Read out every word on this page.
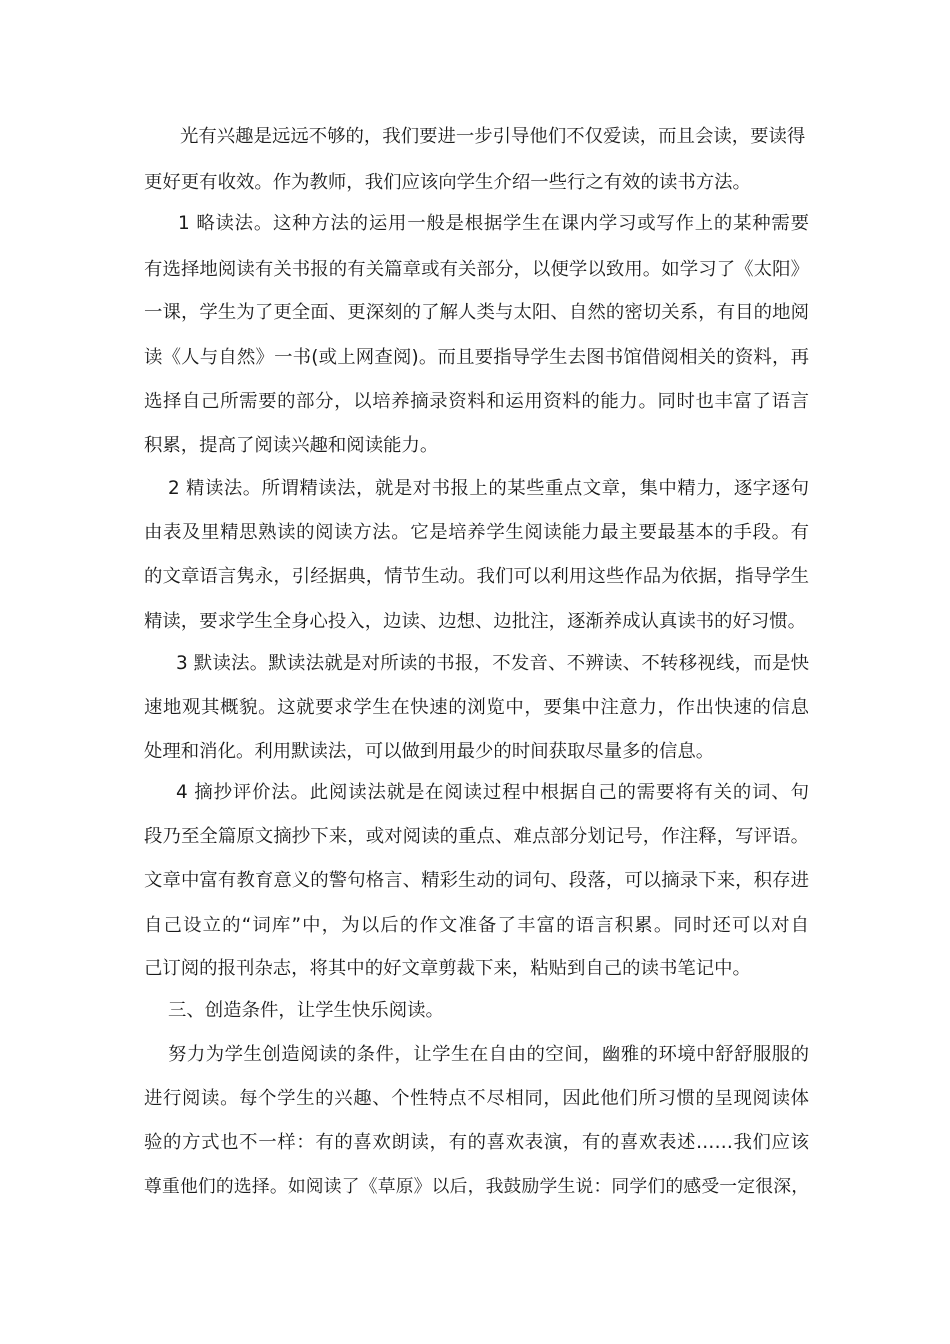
光有兴趣是远远不够的，我们要进一步引导他们不仅爱读，而且会读，要读得
更好更有收效。作为教师，我们应该向学生介绍一些行之有效的读书方法。
1 略读法。这种方法的运用一般是根据学生在课内学习或写作上的某种需要
有选择地阅读有关书报的有关篇章或有关部分，以便学以致用。如学习了《太阳》
一课，学生为了更全面、更深刻的了解人类与太阳、自然的密切关系，有目的地阅
读《人与自然》一书(或上网查阅)。而且要指导学生去图书馆借阅相关的资料，再
选择自己所需要的部分，以培养摘录资料和运用资料的能力。同时也丰富了语言
积累，提高了阅读兴趣和阅读能力。
2 精读法。所谓精读法，就是对书报上的某些重点文章，集中精力，逐字逐句
由表及里精思熟读的阅读方法。它是培养学生阅读能力最主要最基本的手段。有
的文章语言隽永，引经据典，情节生动。我们可以利用这些作品为依据，指导学生
精读，要求学生全身心投入，边读、边想、边批注，逐渐养成认真读书的好习惯。
3 默读法。默读法就是对所读的书报，不发音、不辨读、不转移视线，而是快
速地观其概貌。这就要求学生在快速的浏览中，要集中注意力，作出快速的信息
处理和消化。利用默读法，可以做到用最少的时间获取尽量多的信息。
4 摘抄评价法。此阅读法就是在阅读过程中根据自己的需要将有关的词、句
段乃至全篇原文摘抄下来，或对阅读的重点、难点部分划记号，作注释，写评语。
文章中富有教育意义的警句格言、精彩生动的词句、段落，可以摘录下来，积存进
自己设立的“词库”中，为以后的作文准备了丰富的语言积累。同时还可以对自
己订阅的报刊杂志，将其中的好文章剪裁下来，粘贴到自己的读书笔记中。
三、创造条件，让学生快乐阅读。
努力为学生创造阅读的条件，让学生在自由的空间，幽雅的环境中舒舒服服的
进行阅读。每个学生的兴趣、个性特点不尽相同，因此他们所习惯的呈现阅读体
验的方式也不一样：有的喜欢朗读，有的喜欢表演，有的喜欢表述……我们应该
尊重他们的选择。如阅读了《草原》以后，我鼓励学生说：同学们的感受一定很深，
